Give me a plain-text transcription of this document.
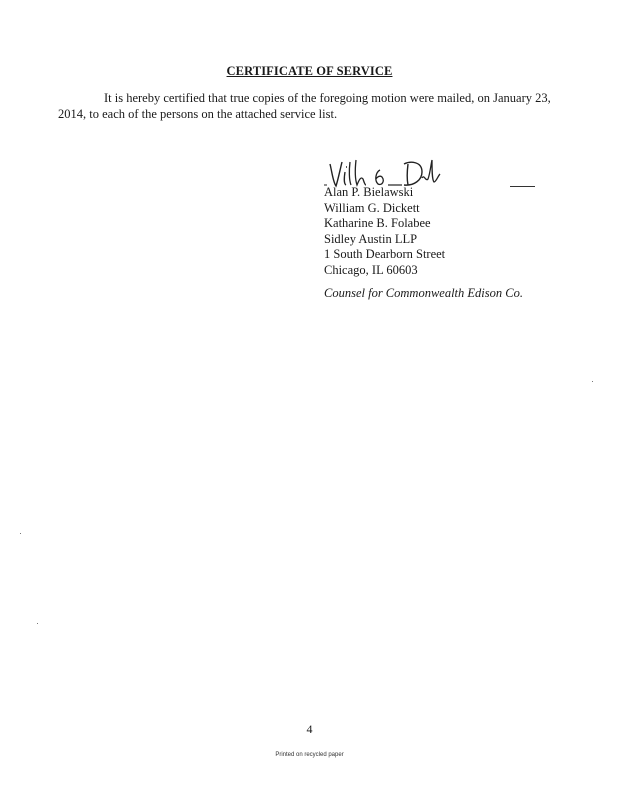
CERTIFICATE OF SERVICE
It is hereby certified that true copies of the foregoing motion were mailed, on January 23,
2014, to each of the persons on the attached service list.
Alan P. Bielawski
William G. Dickett
Katharine B. Folabee
Sidley Austin LLP
1 South Dearborn Street
Chicago, IL 60603
Counsel for Commonwealth Edison Co.
4
Printed on recycled paper
